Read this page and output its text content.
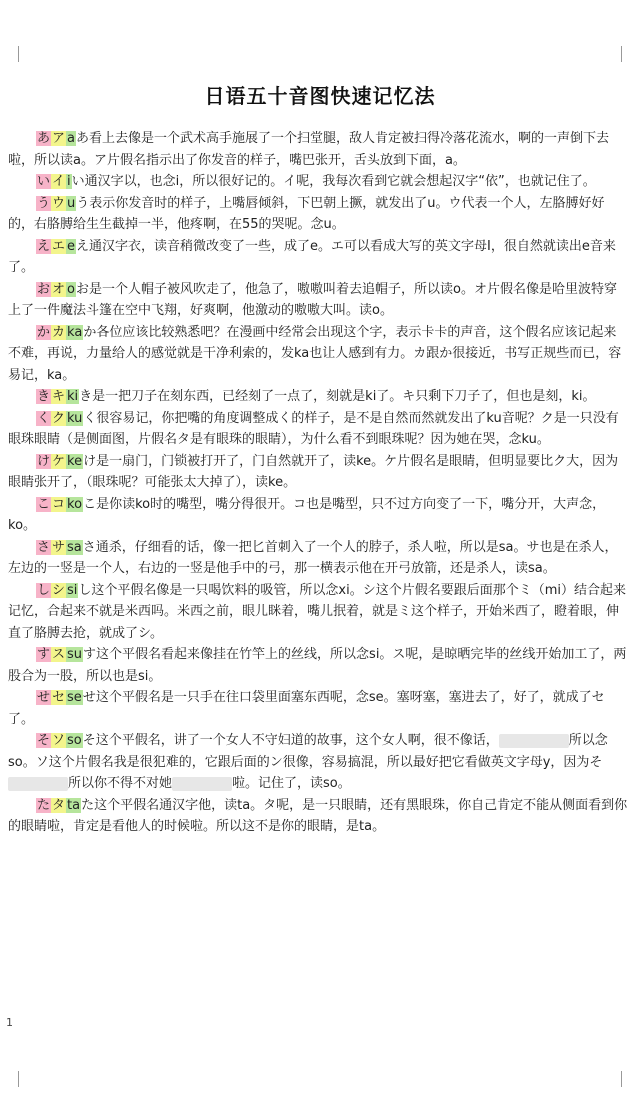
日语五十音图快速记忆法

あ ア aあ看上去像是一个武术高手施展了一个扫堂腿，敌人肯定被扫得冷落花流水，啊的一声倒下去啦，所以读a。ア片假名指示出了你发音的样子，嘴巴张开，舌头放到下面，a。

い イ iい通汉字以，也念i，所以很好记的。イ呢，我每次看到它就会想起汉字“依”，也就记住了。

う ウ uう表示你发音时的样子，上嘴唇倾斜，下巴朝上撅，就发出了u。ウ代表一个人，左胳膊好好的，右胳膊给生生截掉一半，他疼啊，在55的哭呢。念u。

え エ eえ通汉字衣，读音稍微改变了一些，成了e。エ可以看成大写的英文字母I，很自然就读出e音来了。

お オ oお是一个人帽子被风吹走了，他急了，嗷嗷叫着去追帽子，所以读o。オ片假名像是哈里波特穿上了一件魔法斗篷在空中飞翔，好爽啊，他激动的嗷嗷大叫。读o。

か カ kaか各位应该比较熟悉吧？在漫画中经常会出现这个字，表示卡卡的声音，这个假名应该记起来不难，再说，力量给人的感觉就是干净利索的，发ka也让人感到有力。カ跟か很接近，书写正规些而已，容易记，ka。

き キ kiき是一把刀子在刻东西，已经刻了一点了，刻就是ki了。キ只剩下刀子了，但也是刻，ki。

く ク kuく很容易记，你把嘴的角度调整成く的样子，是不是自然而然就发出了ku音呢？ク是一只没有眼珠眼睛（是侧面图，片假名タ是有眼珠的眼睛），为什么看不到眼珠呢？因为她在哭，念ku。

け ケ keけ是一扇门，门锁被打开了，门自然就开了，读ke。ケ片假名是眼睛，但明显要比ク大，因为眼睛张开了，（眼珠呢？可能张太大掉了），读ke。

こ コ koこ是你读ko时的嘴型，嘴分得很开。コ也是嘴型，只不过方向变了一下，嘴分开，大声念，ko。

さ サ saさ通杀，仔细看的话，像一把匕首刺入了一个人的脖子，杀人啦，所以是sa。サ也是在杀人，左边的一竖是一个人，右边的一竖是他手中的弓，那一横表示他在开弓放箭，还是杀人，读sa。

し シ siし这个平假名像是一只喝饮料的吸管，所以念xi。シ这个片假名要跟后面那个ミ（mi）结合起来记忆，合起来不就是米西吗。米西之前，眼儿眯着，嘴儿抿着，就是ミ这个样子，开始米西了，瞪着眼，伸直了胳膊去抢，就成了シ。

す ス suす这个平假名看起来像挂在竹竿上的丝线，所以念si。ス呢，是晾晒完毕的丝线开始加工了，两股合为一股，所以也是si。

せ セ seせ这个平假名是一只手在往口袋里面塞东西呢，念se。塞呀塞，塞进去了，好了，就成了セ了。

そ ソ soそ这个平假名，讲了一个女人不守妇道的故事，这个女人啊，很不像话，	所以念so。ソ这个片假名我是很犯难的，它跟后面的ン很像，容易搞混，所以最好把它看做英文字母y，因为そ所以你不得不对她	啦。记住了，读so。

た タ taた这个平假名通汉字他，读ta。タ呢，是一只眼睛，还有黑眼珠，你自己肯定不能从侧面看到你的眼睛啦，肯定是看他人的时候啦。所以这不是你的眼睛，是ta。

1
